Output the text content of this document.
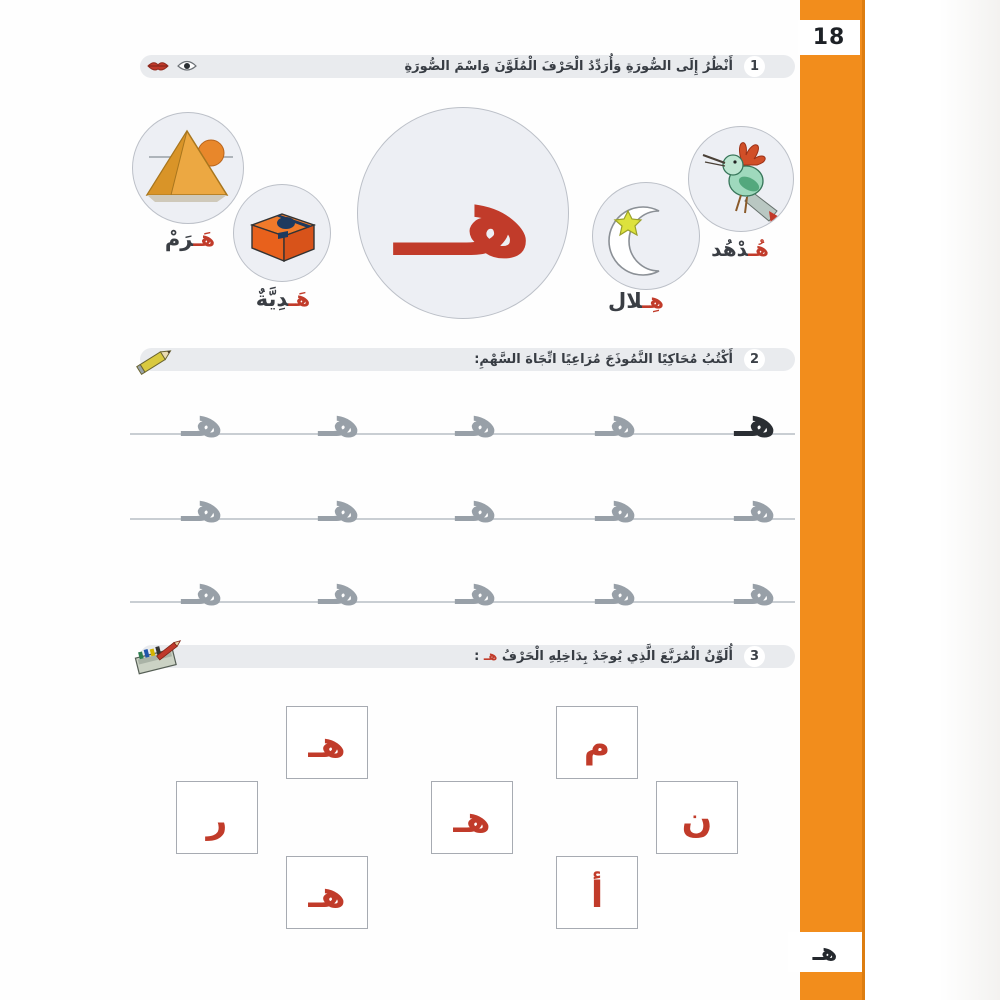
18
هـ
أَنْظُرُ إِلَى الصُّورَةِ وَأُرَدِّدُ الْحَرْفَ الْمُلَوَّنَ وَاسْمَ الصُّورَةِ	1
هَـرَمْ
هَـدِيَّةٌ
هــ
هِـلال
هُـدْهُد
أَكْتُبُ مُحَاكِيًا النَّمُوذَجَ مُرَاعِيًا اتِّجَاهَ السَّهْمِ:	2
هـ هـ هـ هـ هـ
هـ هـ هـ هـ هـ
هـ هـ هـ هـ هـ
أُلَوِّنُ الْمُرَبَّعَ الَّذِي يُوجَدُ بِدَاخِلِهِ الْحَرْفُ هـ :	3
هـ	م
ر	هـ	ن
هـ	أ
